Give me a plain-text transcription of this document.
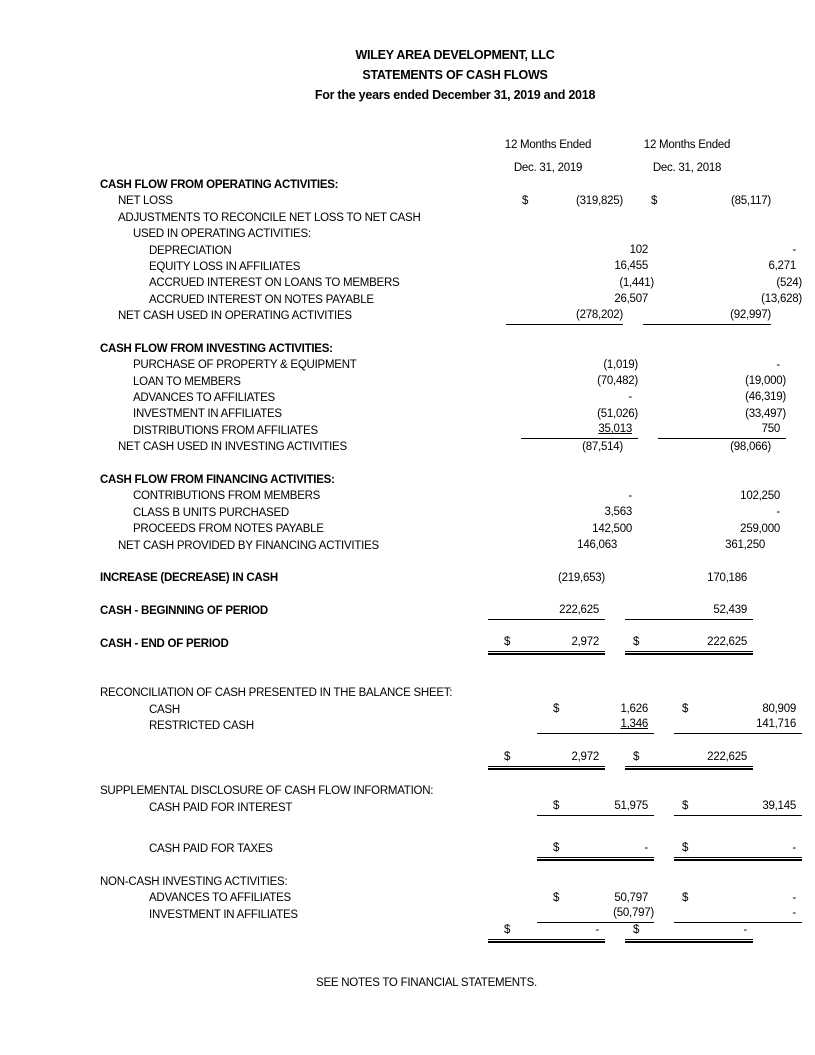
WILEY AREA DEVELOPMENT, LLC
STATEMENTS OF CASH FLOWS
For the years ended December 31, 2019 and 2018
12 Months Ended
Dec. 31, 2019
12 Months Ended
Dec. 31, 2018
CASH FLOW FROM OPERATING ACTIVITIES:
NET LOSS	$	(319,825) $	(85,117)
ADJUSTMENTS TO RECONCILE NET LOSS TO NET CASH
USED IN OPERATING ACTIVITIES:
DEPRECIATION	102	-
EQUITY LOSS IN AFFILIATES	16,455	6,271
ACCRUED INTEREST ON LOANS TO MEMBERS	(1,441)	(524)
ACCRUED INTEREST ON NOTES PAYABLE	26,507	(13,628)
NET CASH USED IN OPERATING ACTIVITIES	(278,202)	(92,997)
CASH FLOW FROM INVESTING ACTIVITIES:
PURCHASE OF PROPERTY & EQUIPMENT	(1,019)	-
LOAN TO MEMBERS	(70,482)	(19,000)
ADVANCES TO AFFILIATES	-	(46,319)
INVESTMENT IN AFFILIATES	(51,026)	(33,497)
DISTRIBUTIONS FROM AFFILIATES	35,013	750
NET CASH USED IN INVESTING ACTIVITIES	(87,514)	(98,066)
CASH FLOW FROM FINANCING ACTIVITIES:
CONTRIBUTIONS FROM MEMBERS	-	102,250
CLASS B UNITS PURCHASED	3,563	-
PROCEEDS FROM NOTES PAYABLE	142,500	259,000
NET CASH PROVIDED BY FINANCING ACTIVITIES	146,063	361,250
INCREASE (DECREASE) IN CASH	(219,653)	170,186
CASH - BEGINNING OF PERIOD	222,625	52,439
CASH - END OF PERIOD	$	2,972	$	222,625
RECONCILIATION OF CASH PRESENTED IN THE BALANCE SHEET:
CASH	$	1,626	$	80,909
RESTRICTED CASH	1,346	141,716
$	2,972	$	222,625
SUPPLEMENTAL DISCLOSURE OF CASH FLOW INFORMATION:
CASH PAID FOR INTEREST	$	51,975	$	39,145
CASH PAID FOR TAXES	$	-	$	-
NON-CASH INVESTING ACTIVITIES:
ADVANCES TO AFFILIATES	$	50,797	$	-
INVESTMENT IN AFFILIATES	(50,797)	-
$	-	$	-
SEE NOTES TO FINANCIAL STATEMENTS.
